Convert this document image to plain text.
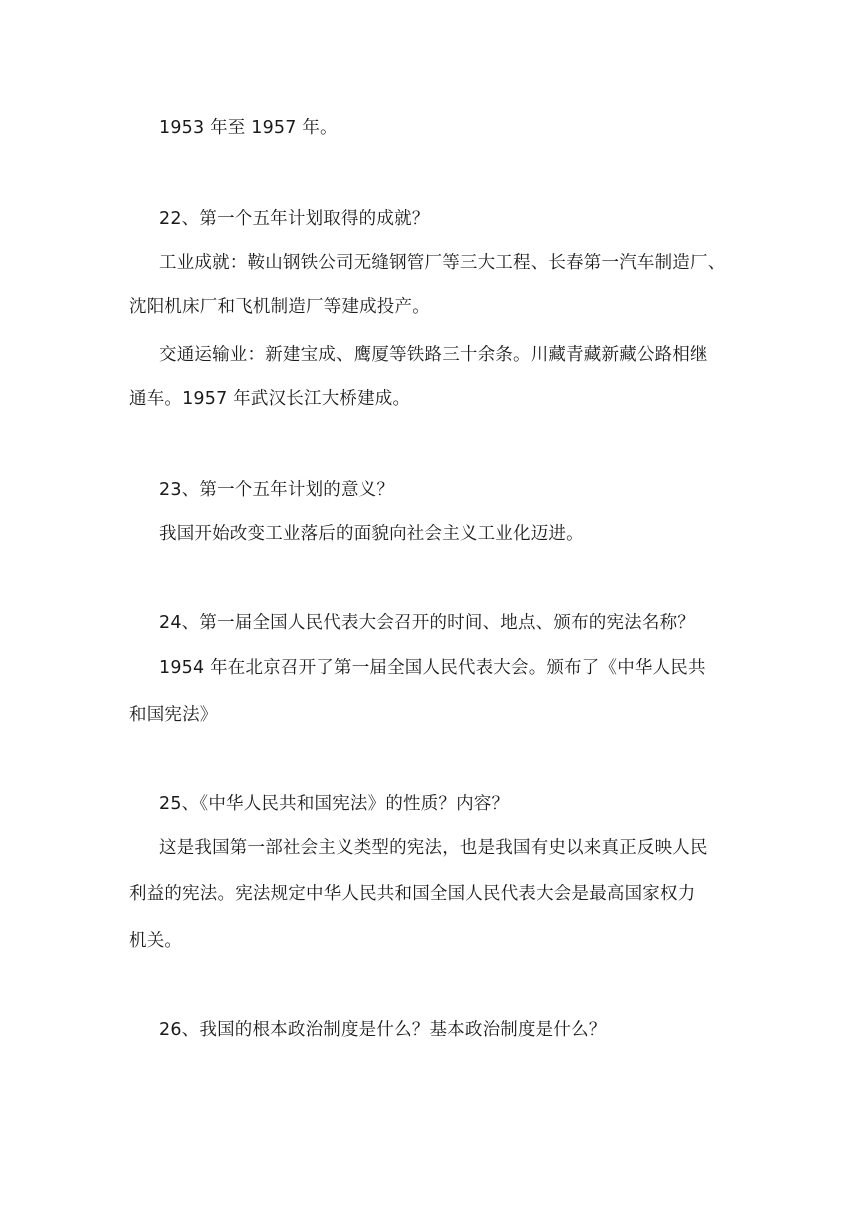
1953 年至 1957 年。
22、第一个五年计划取得的成就？
工业成就：鞍山钢铁公司无缝钢管厂等三大工程、长春第一汽车制造厂、
沈阳机床厂和飞机制造厂等建成投产。
交通运输业：新建宝成、鹰厦等铁路三十余条。川藏青藏新藏公路相继
通车。1957 年武汉长江大桥建成。
23、第一个五年计划的意义？
我国开始改变工业落后的面貌向社会主义工业化迈进。
24、第一届全国人民代表大会召开的时间、地点、颁布的宪法名称？
1954 年在北京召开了第一届全国人民代表大会。颁布了《中华人民共
和国宪法》
25、《中华人民共和国宪法》的性质？内容？
这是我国第一部社会主义类型的宪法，也是我国有史以来真正反映人民
利益的宪法。宪法规定中华人民共和国全国人民代表大会是最高国家权力
机关。
26、我国的根本政治制度是什么？基本政治制度是什么？
